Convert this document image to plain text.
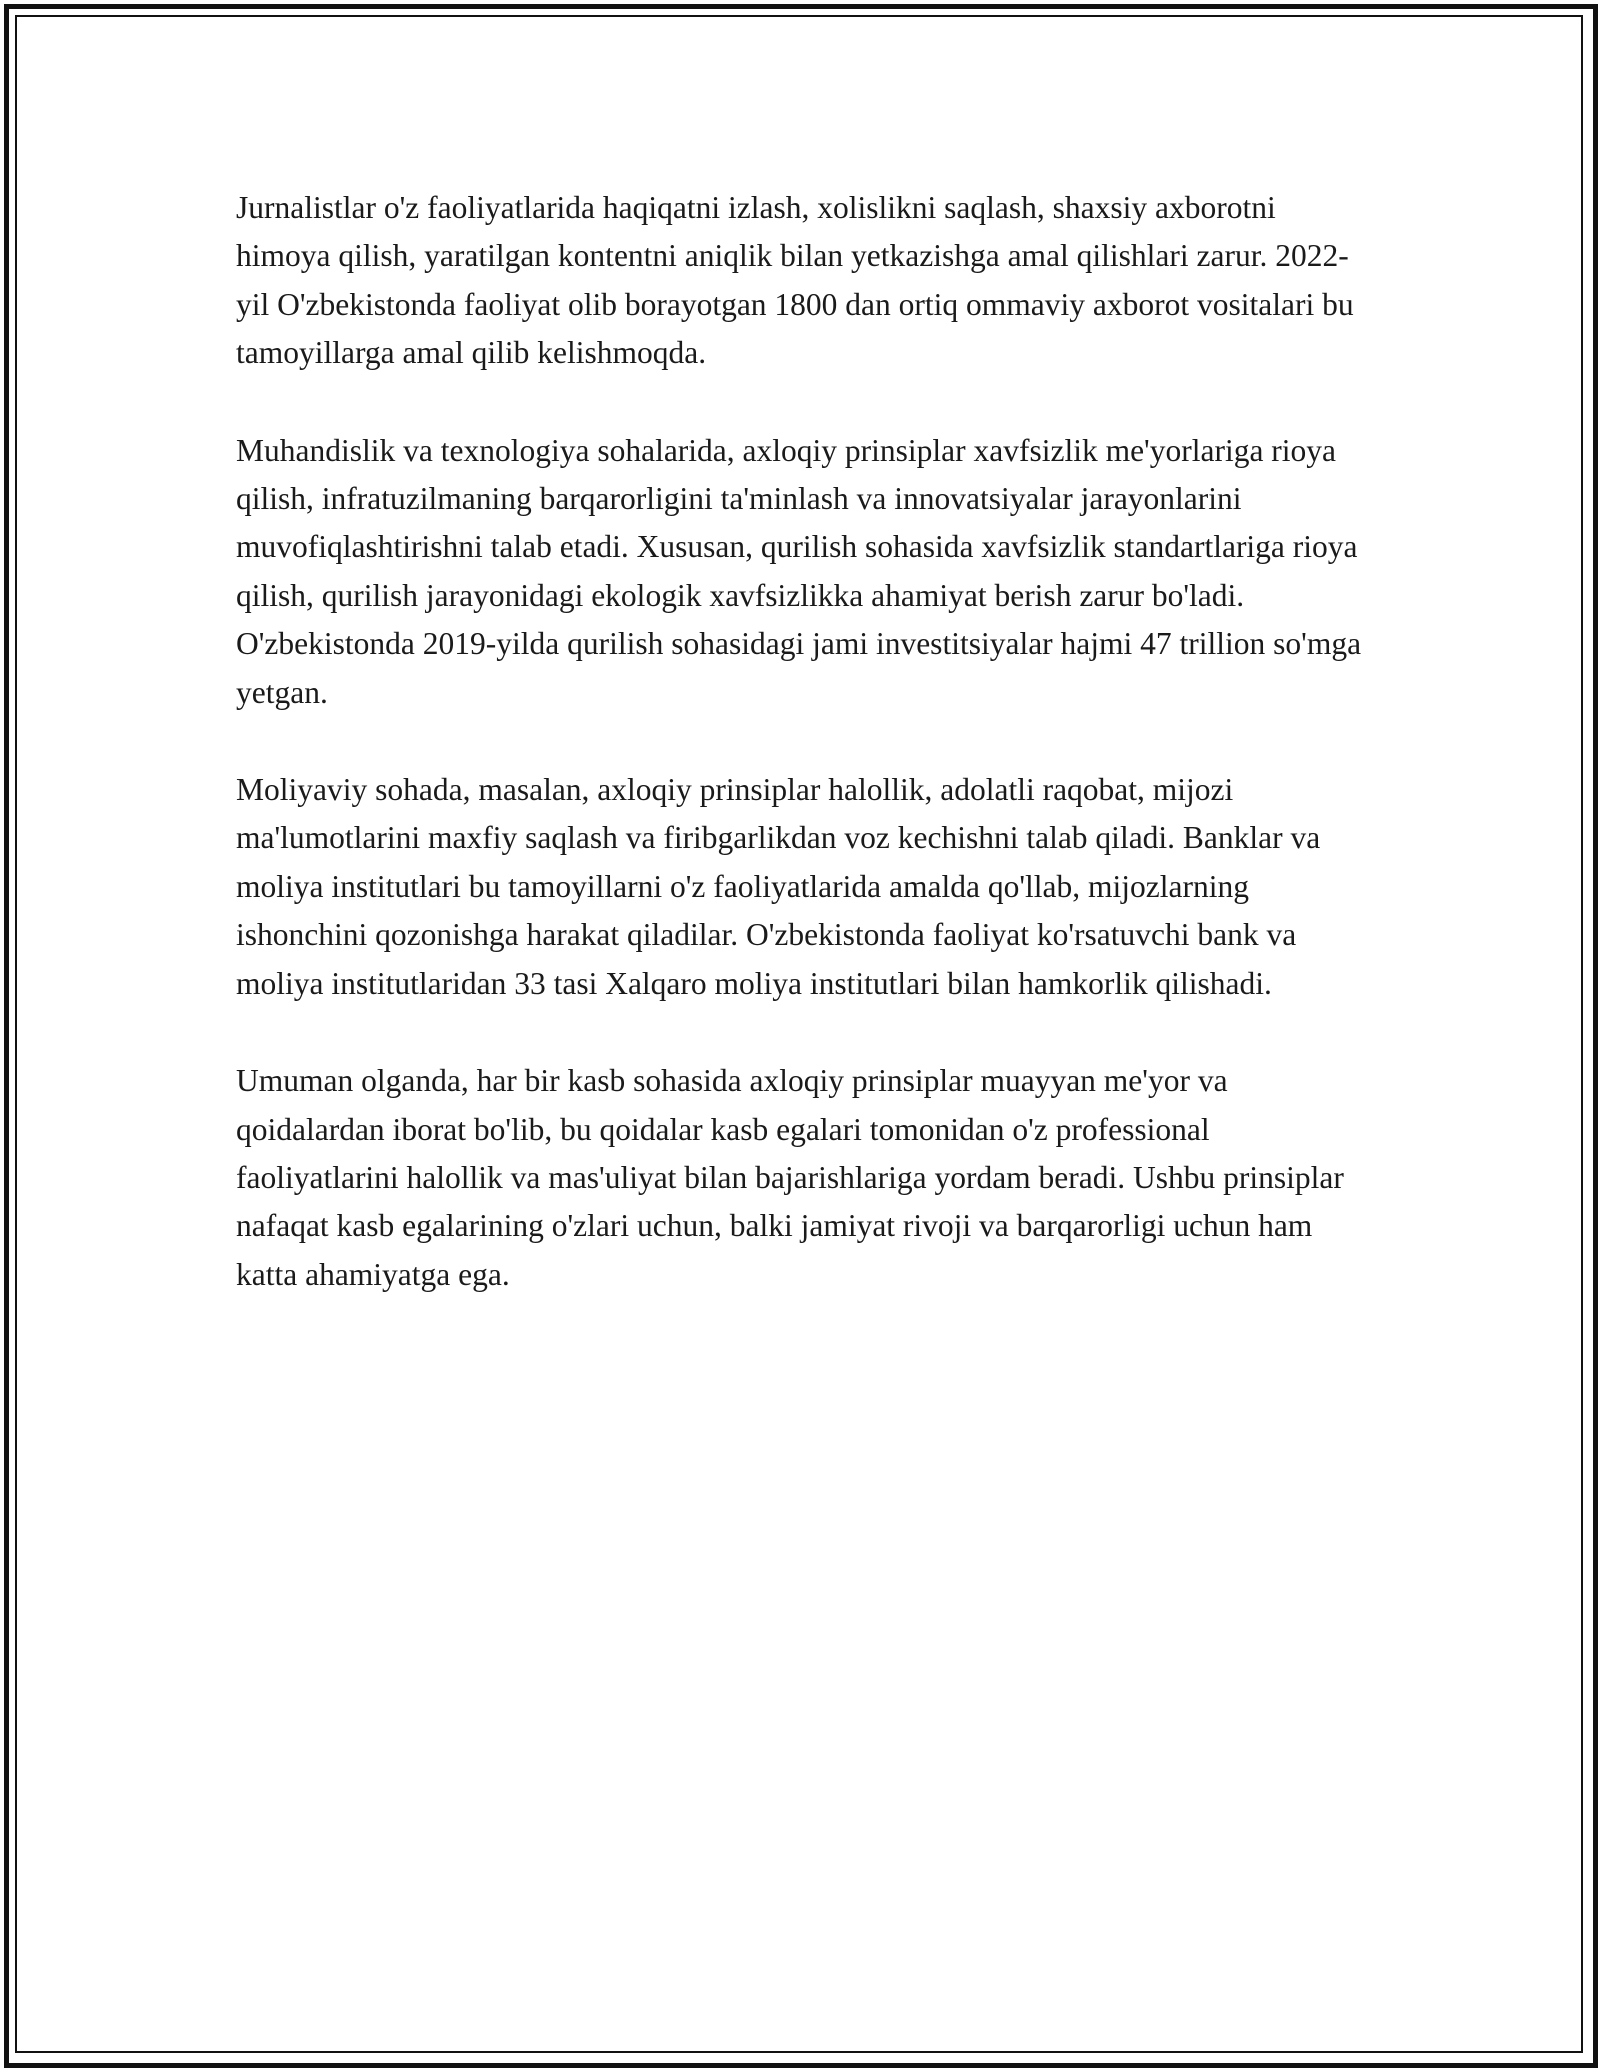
Jurnalistlar o'z faoliyatlarida haqiqatni izlash, xolislikni saqlash, shaxsiy axborotni himoya qilish, yaratilgan kontentni aniqlik bilan yetkazishga amal qilishlari zarur. 2022-yil O'zbekistonda faoliyat olib borayotgan 1800 dan ortiq ommaviy axborot vositalari bu tamoyillarga amal qilib kelishmoqda.

Muhandislik va texnologiya sohalarida, axloqiy prinsiplar xavfsizlik me'yorlariga rioya qilish, infratuzilmaning barqarorligini ta'minlash va innovatsiyalar jarayonlarini muvofiqlashtirishni talab etadi. Xususan, qurilish sohasida xavfsizlik standartlariga rioya qilish, qurilish jarayonidagi ekologik xavfsizlikka ahamiyat berish zarur bo'ladi. O'zbekistonda 2019-yilda qurilish sohasidagi jami investitsiyalar hajmi 47 trillion so'mga yetgan.

Moliyaviy sohada, masalan, axloqiy prinsiplar halollik, adolatli raqobat, mijozi ma'lumotlarini maxfiy saqlash va firibgarlikdan voz kechishni talab qiladi. Banklar va moliya institutlari bu tamoyillarni o'z faoliyatlarida amalda qo'llab, mijozlarning ishonchini qozonishga harakat qiladilar. O'zbekistonda faoliyat ko'rsatuvchi bank va moliya institutlaridan 33 tasi Xalqaro moliya institutlari bilan hamkorlik qilishadi.

Umuman olganda, har bir kasb sohasida axloqiy prinsiplar muayyan me'yor va qoidalardan iborat bo'lib, bu qoidalar kasb egalari tomonidan o'z professional faoliyatlarini halollik va mas'uliyat bilan bajarishlariga yordam beradi. Ushbu prinsiplar nafaqat kasb egalarining o'zlari uchun, balki jamiyat rivoji va barqarorligi uchun ham katta ahamiyatga ega.
